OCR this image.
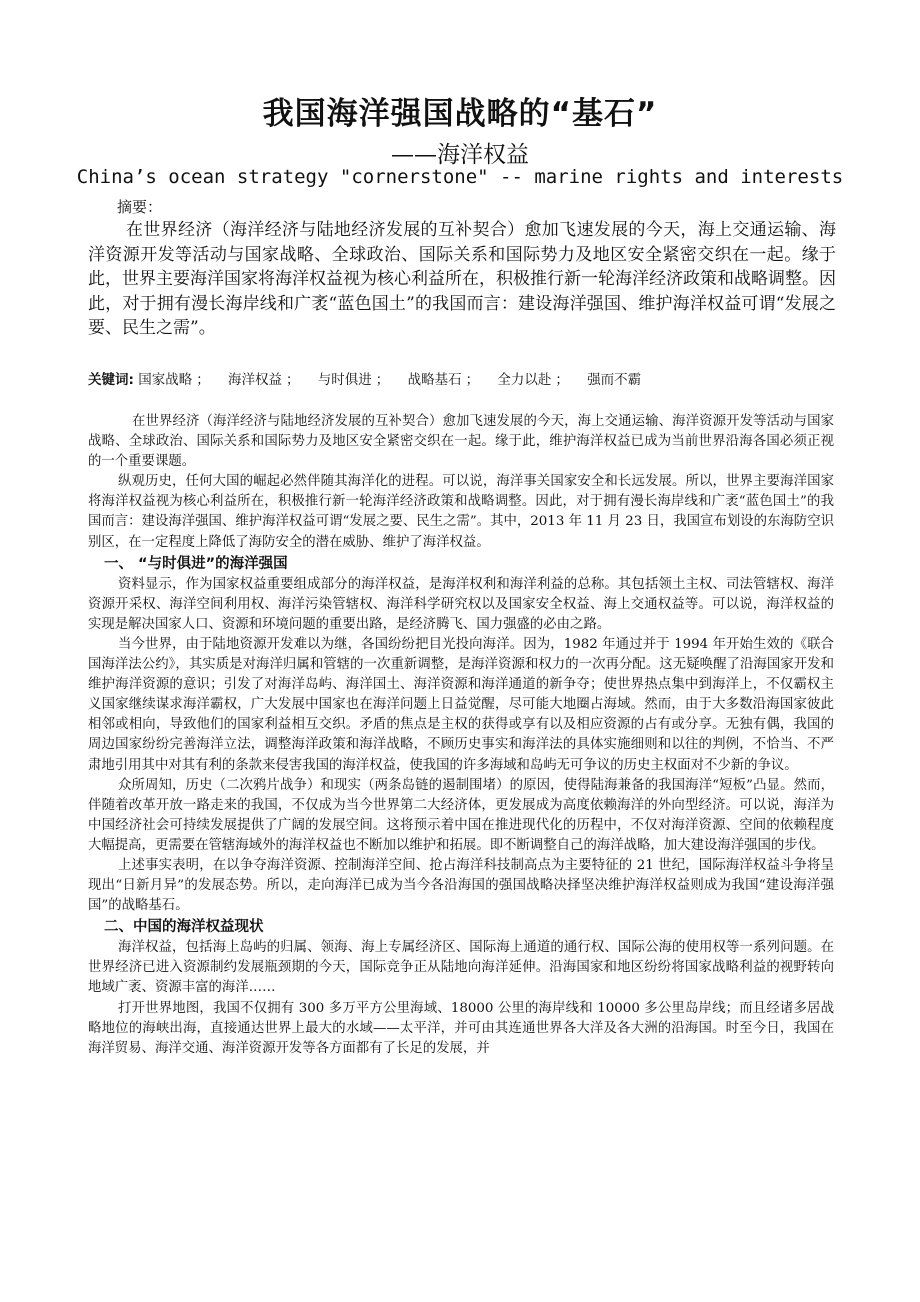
我国海洋强国战略的“基石”
——海洋权益
China’s ocean strategy "cornerstone" -- marine rights and interests
摘要：

在世界经济（海洋经济与陆地经济发展的互补契合）愈加飞速发展的今天，海上交通运输、海洋资源开发等活动与国家战略、全球政治、国际关系和国际势力及地区安全紧密交织在一起。缘于此，世界主要海洋国家将海洋权益视为核心利益所在，积极推行新一轮海洋经济政策和战略调整。因此，对于拥有漫长海岸线和广袤“蓝色国土”的我国而言：建设海洋强国、维护海洋权益可谓“发展之要、民生之需”。

关键词: 国家战略 ； 海洋权益 ； 与时俱进 ； 战略基石 ； 全力以赴 ； 强而不霸

在世界经济（海洋经济与陆地经济发展的互补契合）愈加飞速发展的今天，海上交通运输、海洋资源开发等活动与国家战略、全球政治、国际关系和国际势力及地区安全紧密交织在一起。缘于此，维护海洋权益已成为当前世界沿海各国必须正视的一个重要课题。

纵观历史，任何大国的崛起必然伴随其海洋化的进程。可以说，海洋事关国家安全和长远发展。所以，世界主要海洋国家将海洋权益视为核心利益所在，积极推行新一轮海洋经济政策和战略调整。因此，对于拥有漫长海岸线和广袤“蓝色国土”的我国而言：建设海洋强国、维护海洋权益可谓“发展之要、民生之需”。其中，2013 年 11 月 23 日，我国宣布划设的东海防空识别区，在一定程度上降低了海防安全的潜在威胁、维护了海洋权益。

一、 “与时俱进”的海洋强国

资料显示，作为国家权益重要组成部分的海洋权益，是海洋权利和海洋利益的总称。其包括领土主权、司法管辖权、海洋资源开采权、海洋空间利用权、海洋污染管辖权、海洋科学研究权以及国家安全权益、海上交通权益等。可以说，海洋权益的实现是解决国家人口、资源和环境问题的重要出路，是经济腾飞、国力强盛的必由之路。

当今世界，由于陆地资源开发难以为继，各国纷纷把目光投向海洋。因为，1982 年通过并于 1994 年开始生效的《联合国海洋法公约》，其实质是对海洋归属和管辖的一次重新调整，是海洋资源和权力的一次再分配。这无疑唤醒了沿海国家开发和维护海洋资源的意识；引发了对海洋岛屿、海洋国土、海洋资源和海洋通道的新争夺；使世界热点集中到海洋上，不仅霸权主义国家继续谋求海洋霸权，广大发展中国家也在海洋问题上日益觉醒，尽可能大地圈占海域。然而，由于大多数沿海国家彼此相邻或相向，导致他们的国家利益相互交织。矛盾的焦点是主权的获得或享有以及相应资源的占有或分享。无独有偶，我国的周边国家纷纷完善海洋立法，调整海洋政策和海洋战略，不顾历史事实和海洋法的具体实施细则和以往的判例，不恰当、不严肃地引用其中对其有利的条款来侵害我国的海洋权益，使我国的许多海域和岛屿无可争议的历史主权面对不少新的争议。

众所周知，历史（二次鸦片战争）和现实（两条岛链的遏制围堵）的原因，使得陆海兼备的我国海洋“短板”凸显。然而，伴随着改革开放一路走来的我国，不仅成为当今世界第二大经济体，更发展成为高度依赖海洋的外向型经济。可以说，海洋为中国经济社会可持续发展提供了广阔的发展空间。这将预示着中国在推进现代化的历程中，不仅对海洋资源、空间的依赖程度大幅提高，更需要在管辖海域外的海洋权益也不断加以维护和拓展。即不断调整自己的海洋战略，加大建设海洋强国的步伐。

上述事实表明，在以争夺海洋资源、控制海洋空间、抢占海洋科技制高点为主要特征的 21 世纪，国际海洋权益斗争将呈现出“日新月异”的发展态势。所以，走向海洋已成为当今各沿海国的强国战略决择坚决维护海洋权益则成为我国“建设海洋强国”的战略基石。

二、中国的海洋权益现状

海洋权益，包括海上岛屿的归属、领海、海上专属经济区、国际海上通道的通行权、国际公海的使用权等一系列问题。在世界经济已进入资源制约发展瓶颈期的今天，国际竞争正从陆地向海洋延伸。沿海国家和地区纷纷将国家战略利益的视野转向地域广袤、资源丰富的海洋……

打开世界地图，我国不仅拥有 300 多万平方公里海域、18000 公里的海岸线和 10000 多公里岛岸线；而且经诸多居战略地位的海峡出海，直接通达世界上最大的水域——太平洋，并可由其连通世界各大洋及各大洲的沿海国。时至今日，我国在海洋贸易、海洋交通、海洋资源开发等各方面都有了长足的发展，并
